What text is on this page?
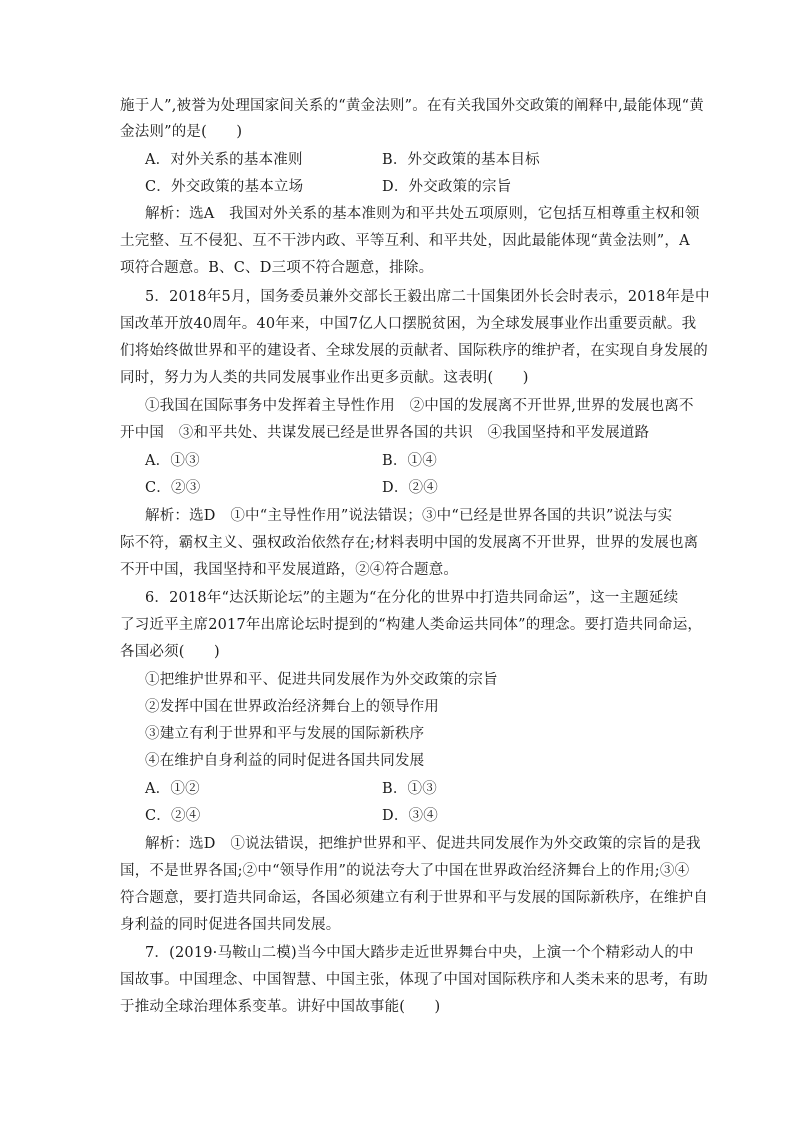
施于人”,被誉为处理国家间关系的“黄金法则”。在有关我国外交政策的阐释中,最能体现“黄
金法则”的是(　　)
A．对外关系的基本准则	B．外交政策的基本目标
C．外交政策的基本立场	D．外交政策的宗旨
解析：选A　我国对外关系的基本准则为和平共处五项原则，它包括互相尊重主权和领
土完整、互不侵犯、互不干涉内政、平等互利、和平共处，因此最能体现“黄金法则”，A
项符合题意。B、C、D三项不符合题意，排除。
5．2018年5月，国务委员兼外交部长王毅出席二十国集团外长会时表示，2018年是中
国改革开放40周年。40年来，中国7亿人口摆脱贫困，为全球发展事业作出重要贡献。我
们将始终做世界和平的建设者、全球发展的贡献者、国际秩序的维护者，在实现自身发展的
同时，努力为人类的共同发展事业作出更多贡献。这表明(　　)
①我国在国际事务中发挥着主导性作用　②中国的发展离不开世界,世界的发展也离不
开中国　③和平共处、共谋发展已经是世界各国的共识　④我国坚持和平发展道路
A．①③	B．①④
C．②③	D．②④
解析：选D　①中“主导性作用”说法错误；③中“已经是世界各国的共识”说法与实
际不符，霸权主义、强权政治依然存在;材料表明中国的发展离不开世界，世界的发展也离
不开中国，我国坚持和平发展道路，②④符合题意。
6．2018年“达沃斯论坛”的主题为“在分化的世界中打造共同命运”，这一主题延续
了习近平主席2017年出席论坛时提到的“构建人类命运共同体”的理念。要打造共同命运，
各国必须(　　)
①把维护世界和平、促进共同发展作为外交政策的宗旨
②发挥中国在世界政治经济舞台上的领导作用
③建立有利于世界和平与发展的国际新秩序
④在维护自身利益的同时促进各国共同发展
A．①②	B．①③
C．②④	D．③④
解析：选D　①说法错误，把维护世界和平、促进共同发展作为外交政策的宗旨的是我
国，不是世界各国;②中“领导作用”的说法夸大了中国在世界政治经济舞台上的作用;③④
符合题意，要打造共同命运，各国必须建立有利于世界和平与发展的国际新秩序，在维护自
身利益的同时促进各国共同发展。
7．(2019·马鞍山二模)当今中国大踏步走近世界舞台中央，上演一个个精彩动人的中
国故事。中国理念、中国智慧、中国主张，体现了中国对国际秩序和人类未来的思考，有助
于推动全球治理体系变革。讲好中国故事能(　　)
